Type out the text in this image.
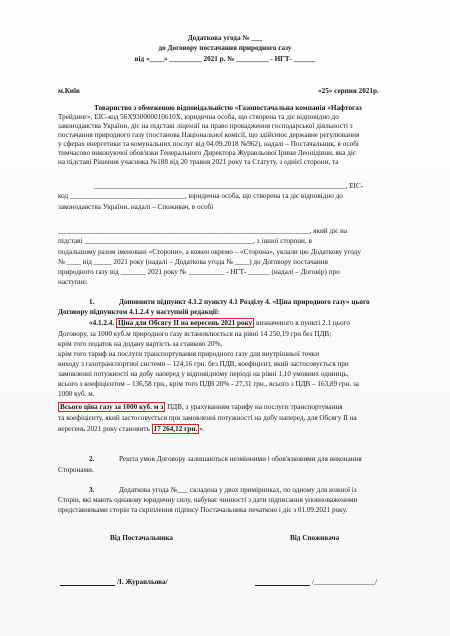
Додаткова угода № ___
до Договору постачання природного газу
від «____» _________ 2021 р. № _________ - НГТ- ______
м.Київ	«25» серпня 2021р.
Товариство з обмеженою відповідальністю «Газопостачальна компанія «Нафтогаз
Трейдинг», EIC-код 56X930000010610X, юридична особа, що створена та діє відповідно до
законодавства України, діє на підставі ліцензії на право провадження господарської діяльності з
постачання природного газу (постанова Національної комісії, що здійснює державне регулювання
у сферах енергетики та комунальних послуг від 04.09.2018 №962), надалі – Постачальник, в особі
тимчасово виконуючої обов'язки Генерального Директора Журавльової Ірини Леонідівни, яка діє
на підставі Рішення учасника №188 від 20 травня 2021 року та Статуту, з однієї сторони, та
______________________________________________________________________, EIC-
код ________________________________, юридична особа, що створена та діє відповідно до
законодавства України, надалі – Споживач, в особі
______________________________________________________________________, який діє на
підставі _______________________________________________, з іншої сторони, в
подальшому разом іменовані «Сторони», а кожен окремо – «Сторона», уклали цю Додаткову угоду
№ ____ від _____ 2021 року (надалі – Додаткова угода № ____) до Договору постачання
природного газу від _______ 2021 року № __________ - НГТ- ______ (надалі – Договір) про
наступне:
1.	Доповнити підпункт 4.1.2 пункту 4.1 Розділу 4. «Ціна природного газу» цього
Договору підпунктом 4.1.2.4 у наступній редакції:
«4.1.2.4. Ціна для Обсягу II на вересень 2021 року визначеного в пункті 2.1 цього
Договору, за 1000 куб.м природного газу встановлюється на рівні 14 250,19 грн без ПДВ;
крім того податок на додану вартість за ставкою 20%,
крім того тариф на послуги транспортування природного газу для внутрішньої точки
виходу з газотранспортної системи – 124,16 грн. без ПДВ, коефіцієнт, який застосовується при
замовленні потужності на добу наперед у відповідному періоді на рівні 1,10 умовних одиниць,
всього з коефіцієнтом – 136,58 грн., крім того ПДВ 20% - 27,31 грн., всього з ПДВ – 163,89 грн. за
1000 куб. м.
Всього ціна газу за 1000 куб. м з ПДВ, з урахуванням тарифу на послуги транспортування
та коефіцієнту, який застосовується при замовленні потужності на добу наперед, для Обсягу ІІ на
вересень 2021 року становить 17 264,12 грн. ».
2.	Решта умов Договору залишаються незмінними і обов'язковими для виконання
Сторонами.
3.	Додаткова угода №___ складена у двох примірниках, по одному для кожної із
Сторін, які мають однакову юридичну силу, набуває чинності з дати підписання уповноваженими
представниками сторін та скріплення підпису Постачальника печаткою і діє з 01.09.2021 року.
Від Постачальника	Від Споживача
/І. Журавльова/	/_________________/
